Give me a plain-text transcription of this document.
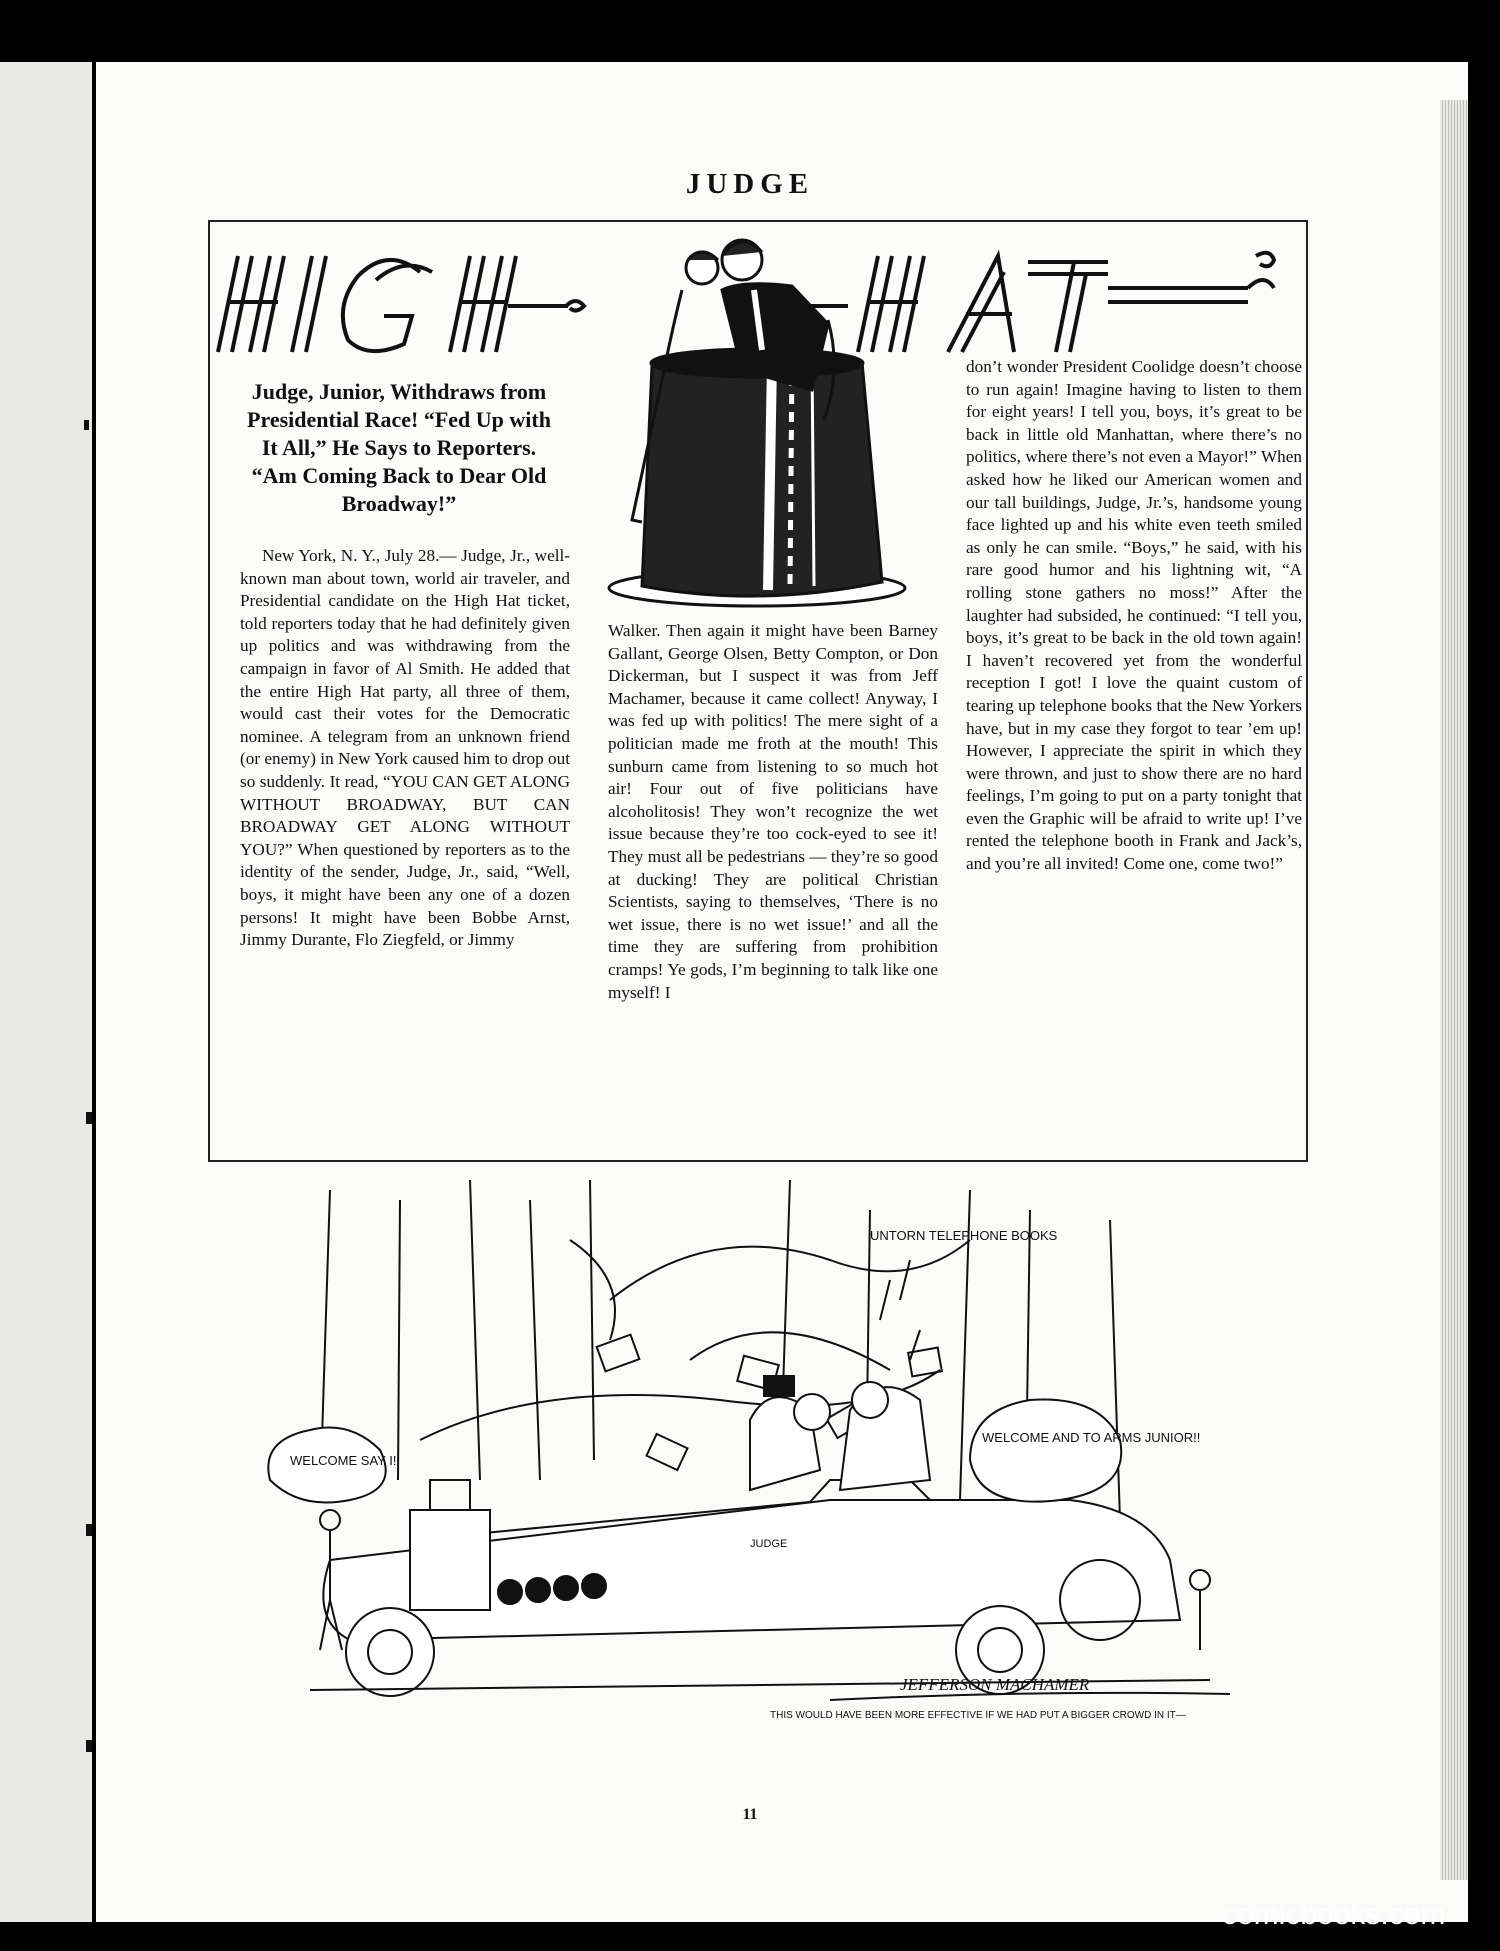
JUDGE
Judge, Junior, Withdraws from Presidential Race! “Fed Up with It All,” He Says to Reporters. “Am Coming Back to Dear Old Broadway!”

New York, N. Y., July 28.— Judge, Jr., well-known man about town, world air traveler, and Presidential candidate on the High Hat ticket, told reporters today that he had definitely given up politics and was withdrawing from the campaign in favor of Al Smith. He added that the entire High Hat party, all three of them, would cast their votes for the Democratic nominee. A telegram from an unknown friend (or enemy) in New York caused him to drop out so suddenly. It read, “YOU CAN GET ALONG WITHOUT BROADWAY, BUT CAN BROADWAY GET ALONG WITHOUT YOU?” When questioned by reporters as to the identity of the sender, Judge, Jr., said, “Well, boys, it might have been any one of a dozen persons! It might have been Bobbe Arnst, Jimmy Durante, Flo Ziegfeld, or Jimmy

Walker. Then again it might have been Barney Gallant, George Olsen, Betty Compton, or Don Dickerman, but I suspect it was from Jeff Machamer, because it came collect! Anyway, I was fed up with politics! The mere sight of a politician made me froth at the mouth! This sunburn came from listening to so much hot air! Four out of five politicians have alcoholitosis! They won’t recognize the wet issue because they’re too cock-eyed to see it! They must all be pedestrians — they’re so good at ducking! They are political Christian Scientists, saying to themselves, ‘There is no wet issue, there is no wet issue!’ and all the time they are suffering from prohibition cramps! Ye gods, I’m beginning to talk like one myself! I

don’t wonder President Coolidge doesn’t choose to run again! Imagine having to listen to them for eight years! I tell you, boys, it’s great to be back in little old Manhattan, where there’s no politics, where there’s not even a Mayor!” When asked how he liked our American women and our tall buildings, Judge, Jr.’s, handsome young face lighted up and his white even teeth smiled as only he can smile. “Boys,” he said, with his rare good humor and his lightning wit, “A rolling stone gathers no moss!” After the laughter had subsided, he continued: “I tell you, boys, it’s great to be back in the old town again! I haven’t recovered yet from the wonderful reception I got! I love the quaint custom of tearing up telephone books that the New Yorkers have, but in my case they forgot to tear ’em up! However, I appreciate the spirit in which they were thrown, and just to show there are no hard feelings, I’m going to put on a party tonight that even the Graphic will be afraid to write up! I’ve rented the telephone booth in Frank and Jack’s, and you’re all invited! Come one, come two!”

WELCOME SAY I!
WELCOME AND TO ARMS JUNIOR!!
UNTORN TELEPHONE BOOKS
JUDGE
JEFFERSON MACHAMER
THIS WOULD HAVE BEEN MORE EFFECTIVE IF WE HAD PUT A BIGGER CROWD IN IT—
11
comicbooks.com
